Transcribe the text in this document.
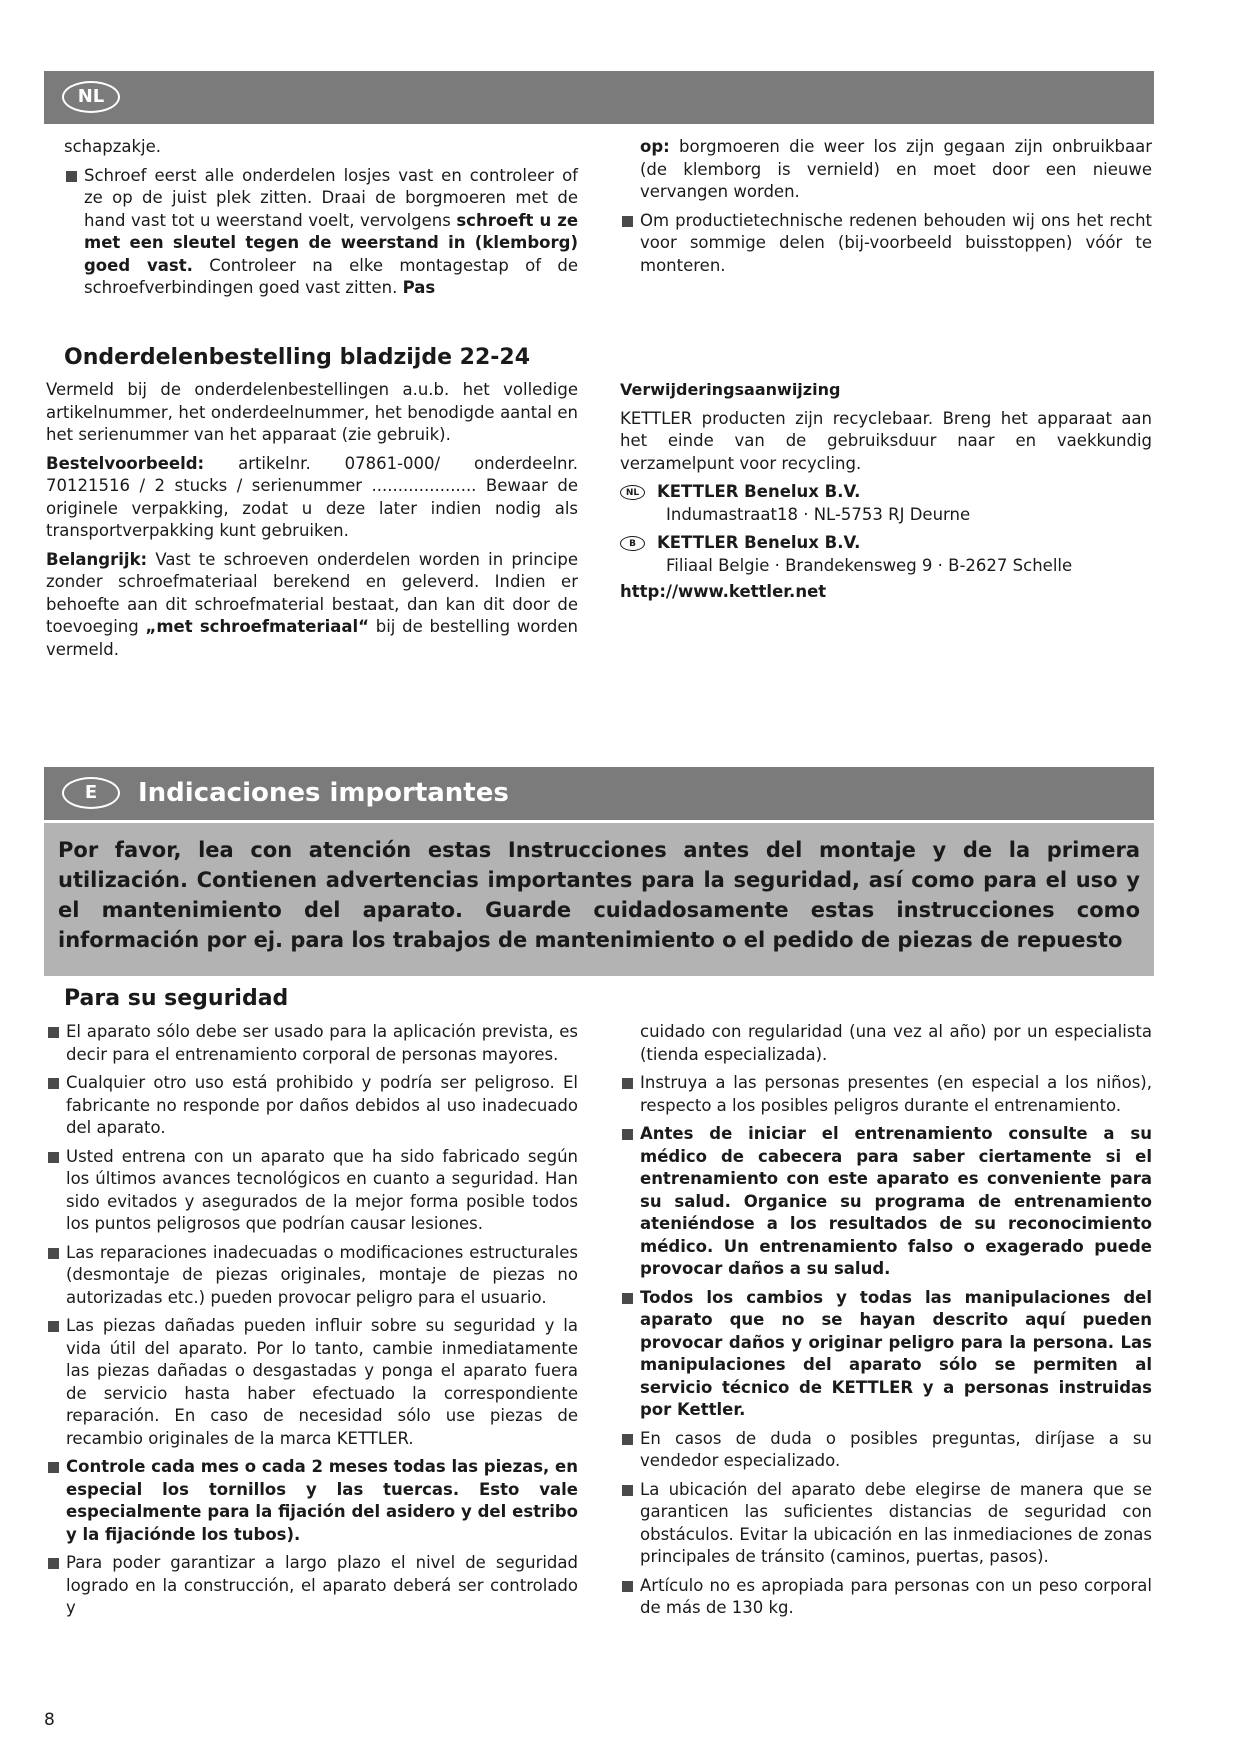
NL

schapzakje.

Schroef eerst alle onderdelen losjes vast en controleer of ze op de juist plek zitten. Draai de borgmoeren met de hand vast tot u weerstand voelt, vervolgens schroeft u ze met een sleutel tegen de weerstand in (klemborg) goed vast. Controleer na elke montagestap of de schroefverbindingen goed vast zitten. Pas

op: borgmoeren die weer los zijn gegaan zijn onbruikbaar (de klemborg is vernield) en moet door een nieuwe vervangen worden.

Om productietechnische redenen behouden wij ons het recht voor sommige delen (bij-voorbeeld buisstoppen) vóór te monteren.
Onderdelenbestelling bladzijde 22-24

Vermeld bij de onderdelenbestellingen a.u.b. het volledige artikelnummer, het onderdeelnummer, het benodigde aantal en het serienummer van het apparaat (zie gebruik).

Bestelvoorbeeld: artikelnr. 07861-000/ onderdeelnr. 70121516 / 2 stucks / serienummer .................... Bewaar de originele verpakking, zodat u deze later indien nodig als transportverpakking kunt gebruiken.

Belangrijk: Vast te schroeven onderdelen worden in principe zonder schroefmateriaal berekend en geleverd. Indien er behoefte aan dit schroefmaterial bestaat, dan kan dit door de toevoeging „met schroefmateriaal“ bij de bestelling worden vermeld.

Verwijderingsaanwijzing

KETTLER producten zijn recyclebaar. Breng het apparaat aan het einde van de gebruiksduur naar en vaekkundig verzamelpunt voor recycling.

NL KETTLER Benelux B.V.
Indumastraat18 · NL-5753 RJ Deurne
B KETTLER Benelux B.V.
Filiaal Belgie · Brandekensweg 9 · B-2627 Schelle
http://www.kettler.net
E	Indicaciones importantes
Por favor, lea con atención estas Instrucciones antes del montaje y de la primera utilización. Contienen advertencias importantes para la seguridad, así como para el uso y el mantenimiento del aparato. Guarde cuidadosamente estas instrucciones como información por ej. para los trabajos de mantenimiento o el pedido de piezas de repuesto
Para su seguridad
El aparato sólo debe ser usado para la aplicación prevista, es decir para el entrenamiento corporal de personas mayores.
Cualquier otro uso está prohibido y podría ser peligroso. El fabricante no responde por daños debidos al uso inadecuado del aparato.
Usted entrena con un aparato que ha sido fabricado según los últimos avances tecnológicos en cuanto a seguridad. Han sido evitados y asegurados de la mejor forma posible todos los puntos peligrosos que podrían causar lesiones.
Las reparaciones inadecuadas o modificaciones estructurales (desmontaje de piezas originales, montaje de piezas no autorizadas etc.) pueden provocar peligro para el usuario.
Las piezas dañadas pueden influir sobre su seguridad y la vida útil del aparato. Por lo tanto, cambie inmediatamente las piezas dañadas o desgastadas y ponga el aparato fuera de servicio hasta haber efectuado la correspondiente reparación. En caso de necesidad sólo use piezas de recambio originales de la marca KETTLER.
Controle cada mes o cada 2 meses todas las piezas, en especial los tornillos y las tuercas. Esto vale especialmente para la fijación del asidero y del estribo y la fijaciónde los tubos).
Para poder garantizar a largo plazo el nivel de seguridad logrado en la construcción, el aparato deberá ser controlado y

cuidado con regularidad (una vez al año) por un especialista (tienda especializada).

Instruya a las personas presentes (en especial a los niños), respecto a los posibles peligros durante el entrenamiento.
Antes de iniciar el entrenamiento consulte a su médico de cabecera para saber ciertamente si el entrenamiento con este aparato es conveniente para su salud. Organice su programa de entrenamiento ateniéndose a los resultados de su reconocimiento médico. Un entrenamiento falso o exagerado puede provocar daños a su salud.
Todos los cambios y todas las manipulaciones del aparato que no se hayan descrito aquí pueden provocar daños y originar peligro para la persona. Las manipulaciones del aparato sólo se permiten al servicio técnico de KETTLER y a personas instruidas por Kettler.
En casos de duda o posibles preguntas, diríjase a su vendedor especializado.
La ubicación del aparato debe elegirse de manera que se garanticen las suficientes distancias de seguridad con obstáculos. Evitar la ubicación en las inmediaciones de zonas principales de tránsito (caminos, puertas, pasos).
Artículo no es apropiada para personas con un peso corporal de más de 130 kg.
8
